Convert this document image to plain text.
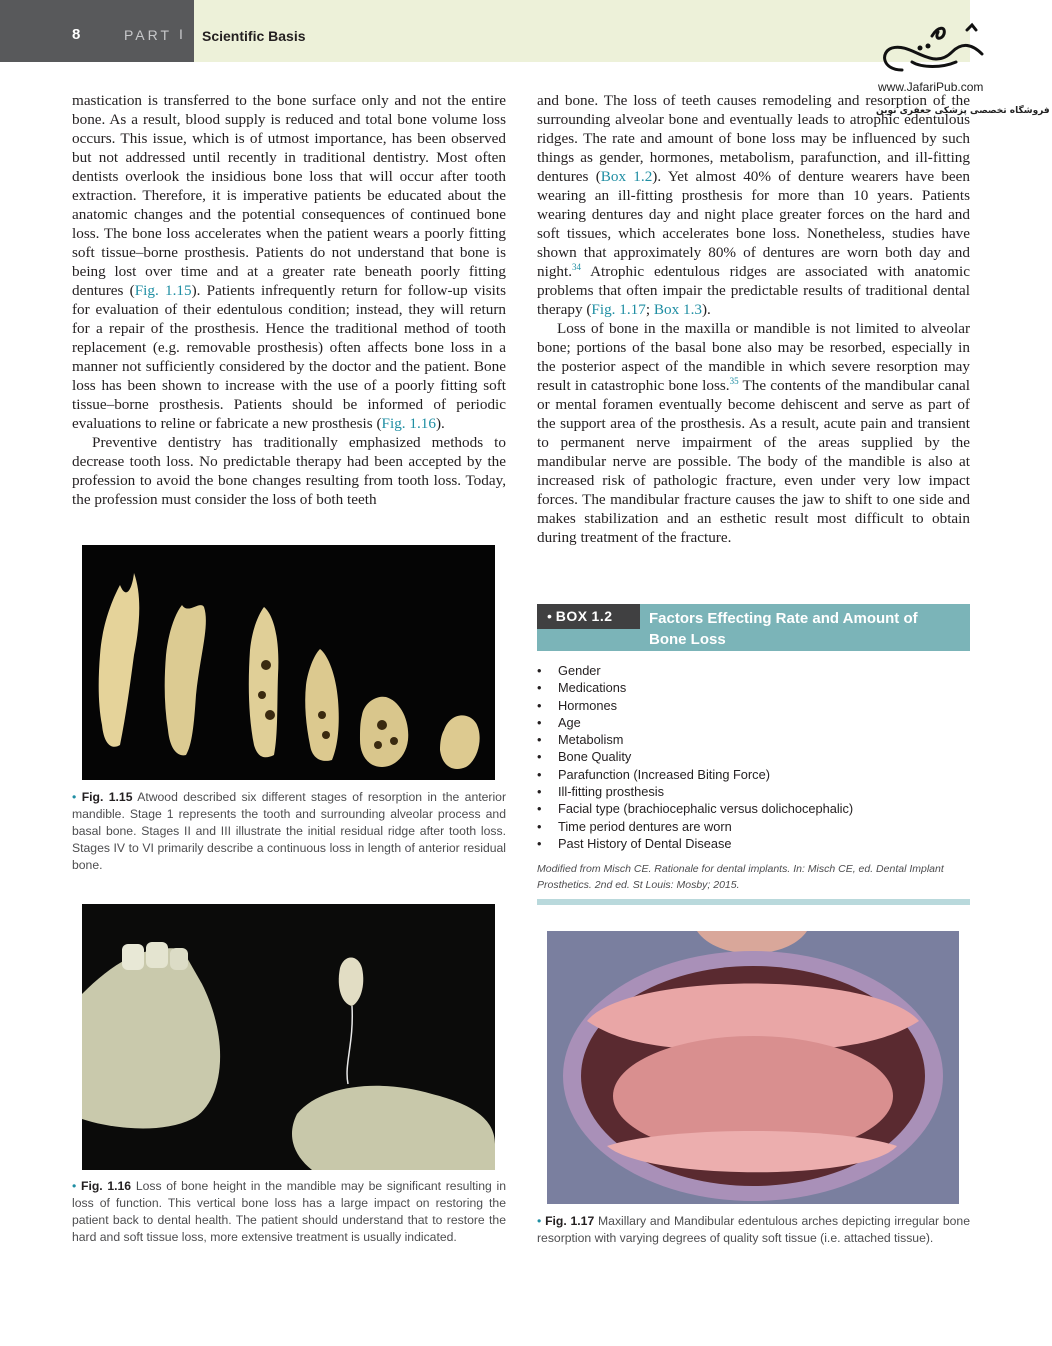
8	PART I Scientific Basis
www.JafariPub.com
فروشگاه تخصصی پزشکی جعفری نوین

mastication is transferred to the bone surface only and not the entire bone. As a result, blood supply is reduced and total bone volume loss occurs. This issue, which is of utmost importance, has been observed but not addressed until recently in traditional dentistry. Most often dentists overlook the insidious bone loss that will occur after tooth extraction. Therefore, it is imperative patients be educated about the anatomic changes and the potential consequences of continued bone loss. The bone loss accelerates when the patient wears a poorly fitting soft tissue–borne prosthesis. Patients do not understand that bone is being lost over time and at a greater rate beneath poorly fitting dentures (Fig. 1.15). Patients infrequently return for follow-up visits for evaluation of their edentulous condition; instead, they will return for a repair of the prosthesis. Hence the traditional method of tooth replacement (e.g. removable prosthesis) often affects bone loss in a manner not sufficiently considered by the doctor and the patient. Bone loss has been shown to increase with the use of a poorly fitting soft tissue–borne prosthesis. Patients should be informed of periodic evaluations to reline or fabricate a new prosthesis (Fig. 1.16).

Preventive dentistry has traditionally emphasized methods to decrease tooth loss. No predictable therapy had been accepted by the profession to avoid the bone changes resulting from tooth loss. Today, the profession must consider the loss of both teeth

and bone. The loss of teeth causes remodeling and resorption of the surrounding alveolar bone and eventually leads to atrophic edentulous ridges. The rate and amount of bone loss may be influenced by such things as gender, hormones, metabolism, parafunction, and ill-fitting dentures (Box 1.2). Yet almost 40% of denture wearers have been wearing an ill-fitting prosthesis for more than 10 years. Patients wearing dentures day and night place greater forces on the hard and soft tissues, which accelerates bone loss. Nonetheless, studies have shown that approximately 80% of dentures are worn both day and night.$^{34}$ Atrophic edentulous ridges are associated with anatomic problems that often impair the predictable results of traditional dental therapy (Fig. 1.17; Box 1.3).

Loss of bone in the maxilla or mandible is not limited to alveolar bone; portions of the basal bone also may be resorbed, especially in the posterior aspect of the mandible in which severe resorption may result in catastrophic bone loss.$^{35}$ The contents of the mandibular canal or mental foramen eventually become dehiscent and serve as part of the support area of the prosthesis. As a result, acute pain and transient to permanent nerve impairment of the areas supplied by the mandibular nerve are possible. The body of the mandible is also at increased risk of pathologic fracture, even under very low impact forces. The mandibular fracture causes the jaw to shift to one side and makes stabilization and an esthetic result most difficult to obtain during treatment of the fracture.

• Fig. 1.15 Atwood described six different stages of resorption in the anterior mandible. Stage 1 represents the tooth and surrounding alveolar process and basal bone. Stages II and III illustrate the initial residual ridge after tooth loss. Stages IV to VI primarily describe a continuous loss in length of anterior residual bone.
• Fig. 1.16 Loss of bone height in the mandible may be significant resulting in loss of function. This vertical bone loss has a large impact on restoring the patient back to dental health. The patient should understand that to restore the hard and soft tissue loss, more extensive treatment is usually indicated.
• BOX 1.2	Factors Effecting Rate and Amount of Bone Loss
• Gender
• Medications
• Hormones
• Age
• Metabolism
• Bone Quality
• Parafunction (Increased Biting Force)
• Ill-fitting prosthesis
• Facial type (brachiocephalic versus dolichocephalic)
• Time period dentures are worn
• Past History of Dental Disease
Modified from Misch CE. Rationale for dental implants. In: Misch CE, ed. Dental Implant Prosthetics. 2nd ed. St Louis: Mosby; 2015.
• Fig. 1.17 Maxillary and Mandibular edentulous arches depicting irregular bone resorption with varying degrees of quality soft tissue (i.e. attached tissue).
